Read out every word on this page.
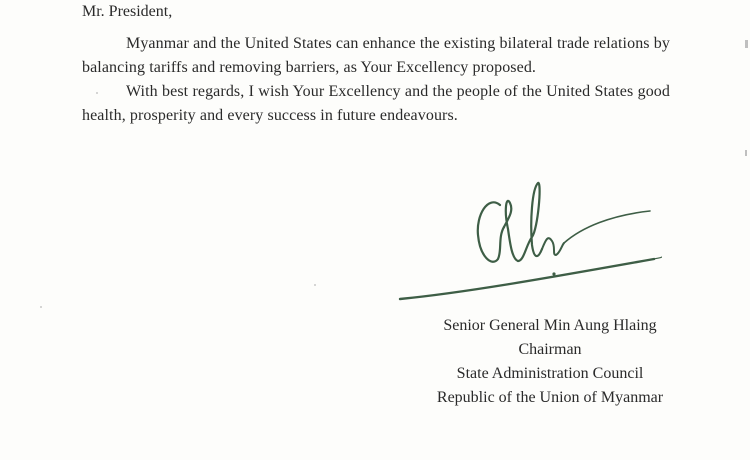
Mr. President,

Myanmar and the United States can enhance the existing bilateral trade relations by balancing tariffs and removing barriers, as Your Excellency proposed.

With best regards, I wish Your Excellency and the people of the United States good health, prosperity and every success in future endeavours.

Senior General Min Aung Hlaing
Chairman
State Administration Council
Republic of the Union of Myanmar
